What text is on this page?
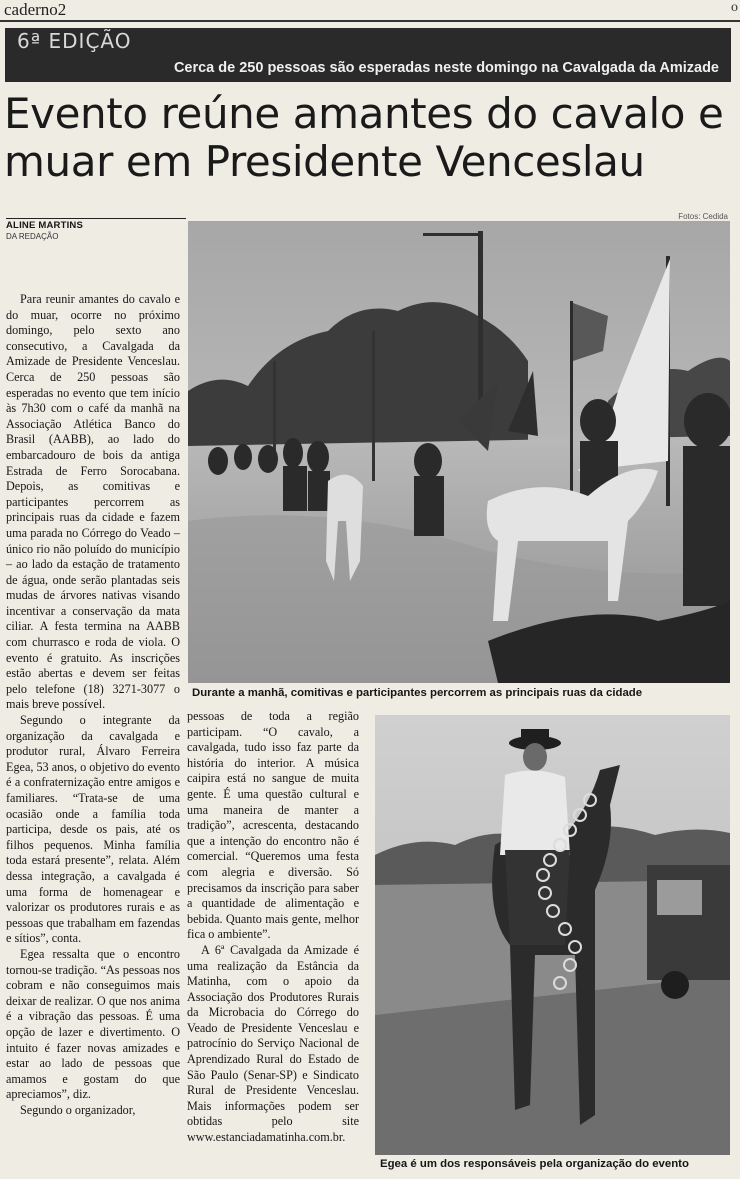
caderno2	o
6ª EDIÇÃO
Cerca de 250 pessoas são esperadas neste domingo na Cavalgada da Amizade
Evento reúne amantes do cavalo e muar em Presidente Venceslau
ALINE MARTINS
DA REDAÇÃO
Fotos: Cedida

Para reunir amantes do cavalo e do muar, ocorre no próximo domingo, pelo sexto ano consecutivo, a Cavalgada da Amizade de Presidente Venceslau. Cerca de 250 pessoas são esperadas no evento que tem início às 7h30 com o café da manhã na Associação Atlética Banco do Brasil (AABB), ao lado do embarcadouro de bois da antiga Estrada de Ferro Sorocabana. Depois, as comitivas e participantes percorrem as principais ruas da cidade e fazem uma parada no Córrego do Veado – único rio não poluído do município – ao lado da estação de tratamento de água, onde serão plantadas seis mudas de árvores nativas visando incentivar a conservação da mata ciliar. A festa termina na AABB com churrasco e roda de viola. O evento é gratuito. As inscrições estão abertas e devem ser feitas pelo telefone (18) 3271-3077 o mais breve possível.

Segundo o integrante da organização da cavalgada e produtor rural, Álvaro Ferreira Egea, 53 anos, o objetivo do evento é a confraternização entre amigos e familiares. “Trata-se de uma ocasião onde a família toda participa, desde os pais, até os filhos pequenos. Minha família toda estará presente”, relata. Além dessa integração, a cavalgada é uma forma de homenagear e valorizar os produtores rurais e as pessoas que trabalham em fazendas e sítios”, conta.

Egea ressalta que o encontro tornou-se tradição. “As pessoas nos cobram e não conseguimos mais deixar de realizar. O que nos anima é a vibração das pessoas. É uma opção de lazer e divertimento. O intuito é fazer novas amizades e estar ao lado de pessoas que amamos e gostam do que apreciamos”, diz.

Segundo o organizador,

Durante a manhã, comitivas e participantes percorrem as principais ruas da cidade

pessoas de toda a região participam. “O cavalo, a cavalgada, tudo isso faz parte da história do interior. A música caipira está no sangue de muita gente. É uma questão cultural e uma maneira de manter a tradição”, acrescenta, destacando que a intenção do encontro não é comercial. “Queremos uma festa com alegria e diversão. Só precisamos da inscrição para saber a quantidade de alimentação e bebida. Quanto mais gente, melhor fica o ambiente”.

A 6ª Cavalgada da Amizade é uma realização da Estância da Matinha, com o apoio da Associação dos Produtores Rurais da Microbacia do Córrego do Veado de Presidente Venceslau e patrocínio do Serviço Nacional de Aprendizado Rural do Estado de São Paulo (Senar-SP) e Sindicato Rural de Presidente Venceslau. Mais informações podem ser obtidas pelo site www.estanciadamatinha.com.br.

Egea é um dos responsáveis pela organização do evento
